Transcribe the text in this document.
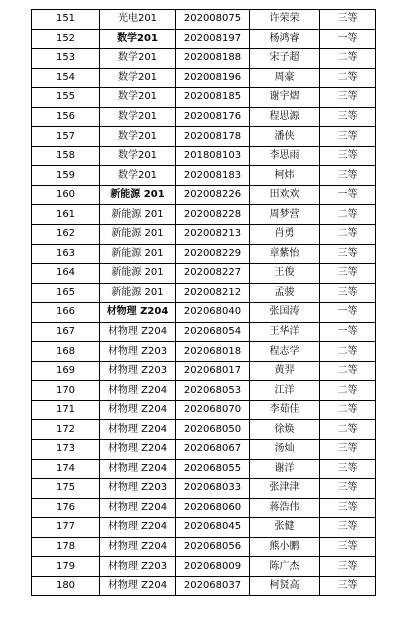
151	光电201	202008075	许荣荣	三等
152	数学201	202008197	杨鸿睿	一等
153	数学201	202008188	宋子超	二等
154	数学201	202008196	周豪	二等
155	数学201	202008185	谢宇熠	三等
156	数学201	202008176	程思源	三等
157	数学201	202008178	潘侠	三等
158	数学201	201808103	李思雨	三等
159	数学201	202008183	柯炜	三等
160	新能源 201	202008226	田欢欢	一等
161	新能源 201	202008228	周梦营	二等
162	新能源 201	202008213	肖勇	二等
163	新能源 201	202008229	章紫怡	三等
164	新能源 201	202008227	王俊	三等
165	新能源 201	202008212	孟骏	三等
166	材物理 Z204	202068040	张国涛	一等
167	材物理 Z204	202068054	王华洋	一等
168	材物理 Z203	202068018	程志学	二等
169	材物理 Z203	202068017	黄羿	二等
170	材物理 Z204	202068053	江洋	二等
171	材物理 Z204	202068070	李茹佳	二等
172	材物理 Z204	202068050	徐焕	二等
173	材物理 Z204	202068067	汤灿	三等
174	材物理 Z204	202068055	谢洋	三等
175	材物理 Z203	202068033	张津津	三等
176	材物理 Z204	202068060	蒋浩伟	三等
177	材物理 Z204	202068045	张健	三等
178	材物理 Z204	202068056	熊小鹏	三等
179	材物理 Z203	202068009	陈广杰	三等
180	材物理 Z204	202068037	柯贤高	三等
